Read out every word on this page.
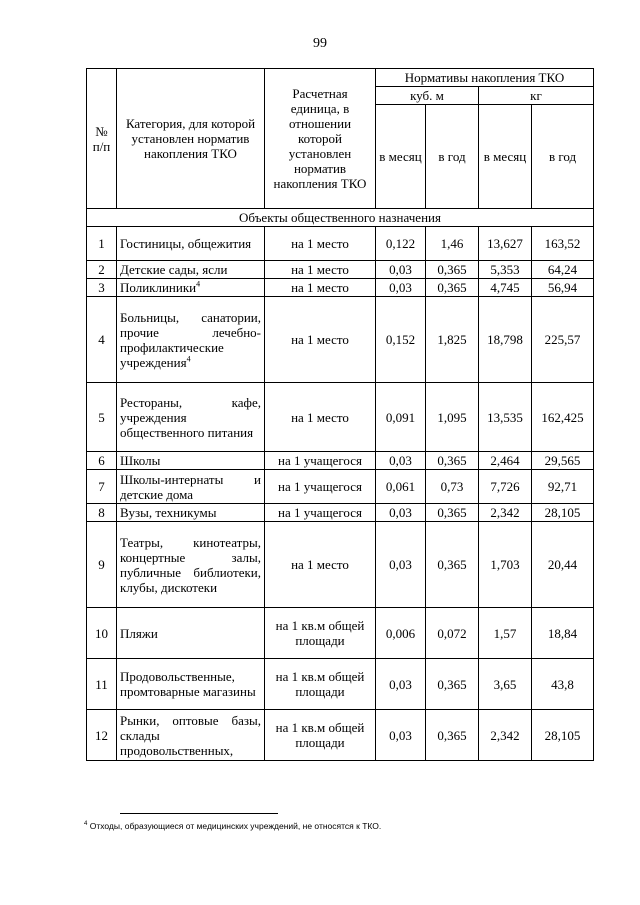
99
№ п/п	Категория, для которой установлен норматив накопления ТКО	Расчетная единица, в отношении которой установлен норматив накопления ТКО	Нормативы накопления ТКО			
			куб. м		кг	
			в месяц	в год	в месяц	в год
Объекты общественного назначения						
1	Гостиницы, общежития	на 1 место	0,122	1,46	13,627	163,52
2	Детские сады, ясли	на 1 место	0,03	0,365	5,353	64,24
3	Поликлиники$^4$	на 1 место	0,03	0,365	4,745	56,94
4	Больницы, санатории, прочие лечебно-профилактические учреждения$^4$	на 1 место	0,152	1,825	18,798	225,57
5	Рестораны, кафе, учреждения общественного питания	на 1 место	0,091	1,095	13,535	162,425
6	Школы	на 1 учащегося	0,03	0,365	2,464	29,565
7	Школы-интернаты и детские дома	на 1 учащегося	0,061	0,73	7,726	92,71
8	Вузы, техникумы	на 1 учащегося	0,03	0,365	2,342	28,105
9	Театры, кинотеатры, концертные залы, публичные библиотеки, клубы, дискотеки	на 1 место	0,03	0,365	1,703	20,44
10	Пляжи	на 1 кв.м общей площади	0,006	0,072	1,57	18,84
11	Продовольственные, промтоварные магазины	на 1 кв.м общей площади	0,03	0,365	3,65	43,8
12	Рынки, оптовые базы, склады продовольственных,	на 1 кв.м общей площади	0,03	0,365	2,342	28,105
$^4$ Отходы, образующиеся от медицинских учреждений, не относятся к ТКО.
